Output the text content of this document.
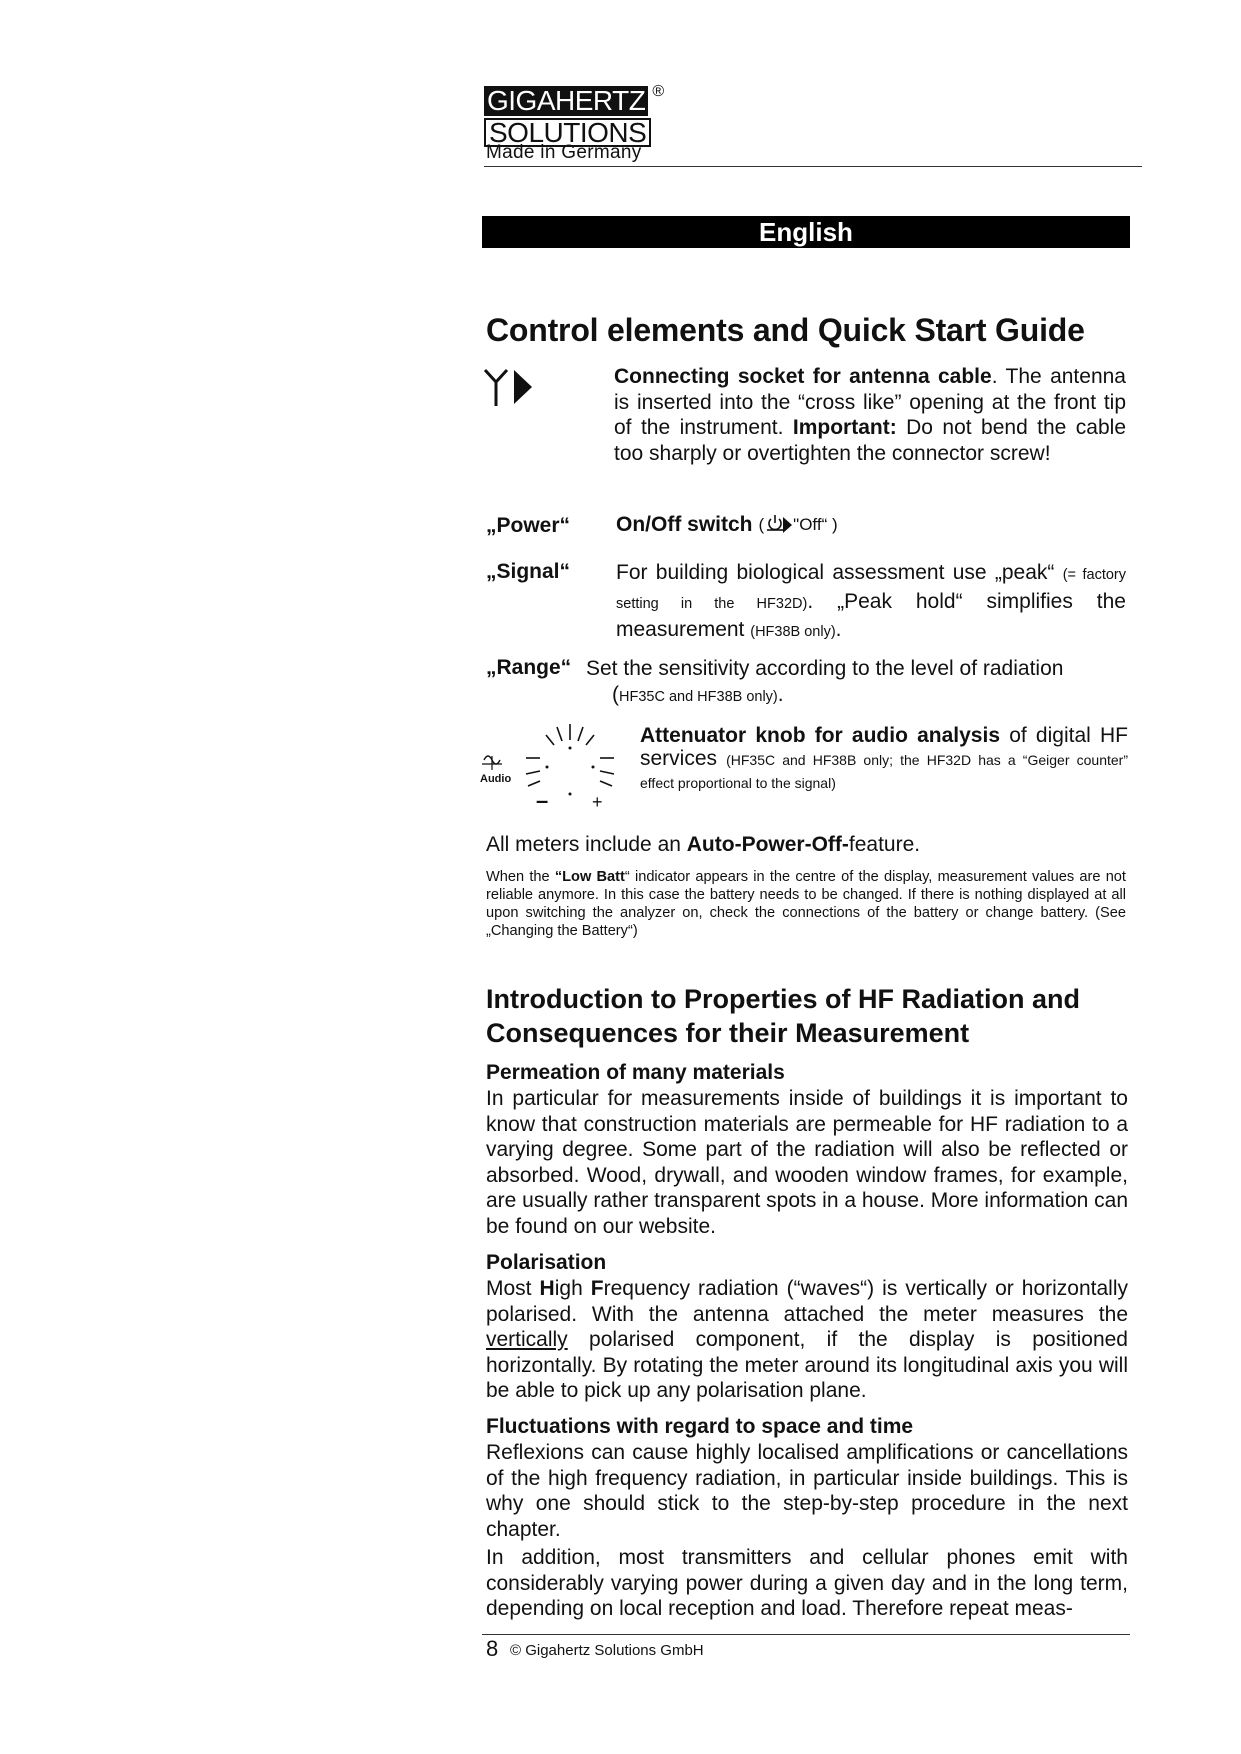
GIGAHERTZ
SOLUTIONS
®
Made in Germany
English
Control elements and Quick Start Guide
Connecting socket for antenna cable. The antenna is inserted into the “cross like” opening at the front tip of the instrument. Important: Do not bend the cable too sharply or overtighten the connector screw!
„Power“ On/Off switch ( "Off“ )
„Signal“ For building biological assessment use „peak“ (= factory setting in the HF32D). „Peak hold“ simplifies the measurement (HF38B only).
„Range“ Set the sensitivity according to the level of radiation
(HF35C and HF38B only).
Audio
– +
Attenuator knob for audio analysis of digital HF services (HF35C and HF38B only; the HF32D has a “Geiger counter” effect proportional to the signal)
All meters include an Auto-Power-Off-feature.
When the “Low Batt“ indicator appears in the centre of the display, measurement values are not reliable anymore. In this case the battery needs to be changed. If there is nothing displayed at all upon switching the analyzer on, check the connections of the battery or change battery. (See „Changing the Battery“)
Introduction to Properties of HF Radiation and Consequences for their Measurement
Permeation of many materials
In particular for measurements inside of buildings it is important to know that construction materials are permeable for HF radiation to a varying degree. Some part of the radiation will also be reflected or absorbed. Wood, drywall, and wooden window frames, for example, are usually rather transparent spots in a house. More information can be found on our website.
Polarisation
Most High Frequency radiation (“waves“) is vertically or horizontally polarised. With the antenna attached the meter measures the vertically polarised component, if the display is positioned horizontally. By rotating the meter around its longitudinal axis you will be able to pick up any polarisation plane.
Fluctuations with regard to space and time
Reflexions can cause highly localised amplifications or cancellations of the high frequency radiation, in particular inside buildings. This is why one should stick to the step-by-step procedure in the next chapter.
In addition, most transmitters and cellular phones emit with considerably varying power during a given day and in the long term, depending on local reception and load. Therefore repeat meas-
8 © Gigahertz Solutions GmbH
